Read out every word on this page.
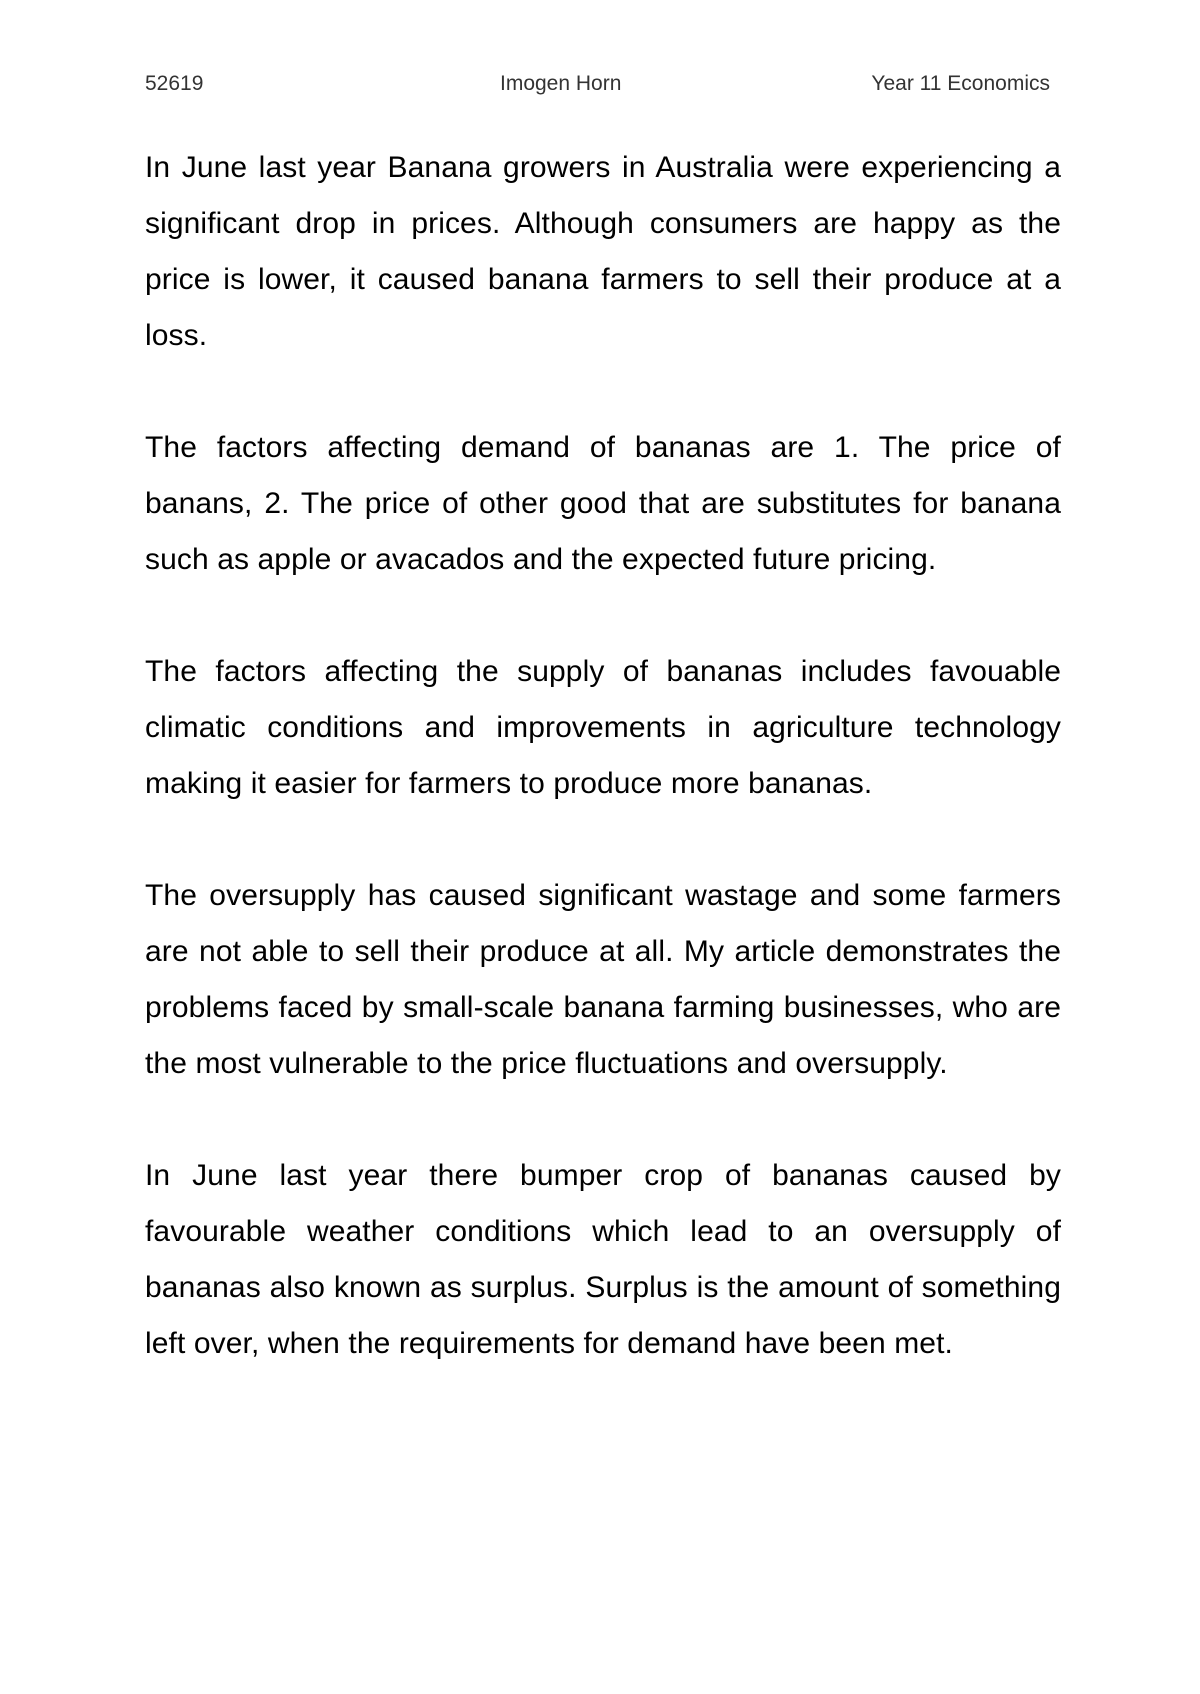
52619	Imogen Horn	Year 11 Economics

In June last year Banana growers in Australia were experiencing a significant drop in prices. Although consumers are happy as the price is lower, it caused banana farmers to sell their produce at a loss.

The factors affecting demand of bananas are 1. The price of banans, 2. The price of other good that are substitutes for banana such as apple or avacados and the expected future pricing.

The factors affecting the supply of bananas includes favouable climatic conditions and improvements in agriculture technology making it easier for farmers to produce more bananas.

The oversupply has caused significant wastage and some farmers are not able to sell their produce at all. My article demonstrates the problems faced by small-scale banana farming businesses, who are the most vulnerable to the price fluctuations and oversupply.

In June last year there bumper crop of bananas caused by favourable weather conditions which lead to an oversupply of bananas also known as surplus. Surplus is the amount of something left over, when the requirements for demand have been met.
